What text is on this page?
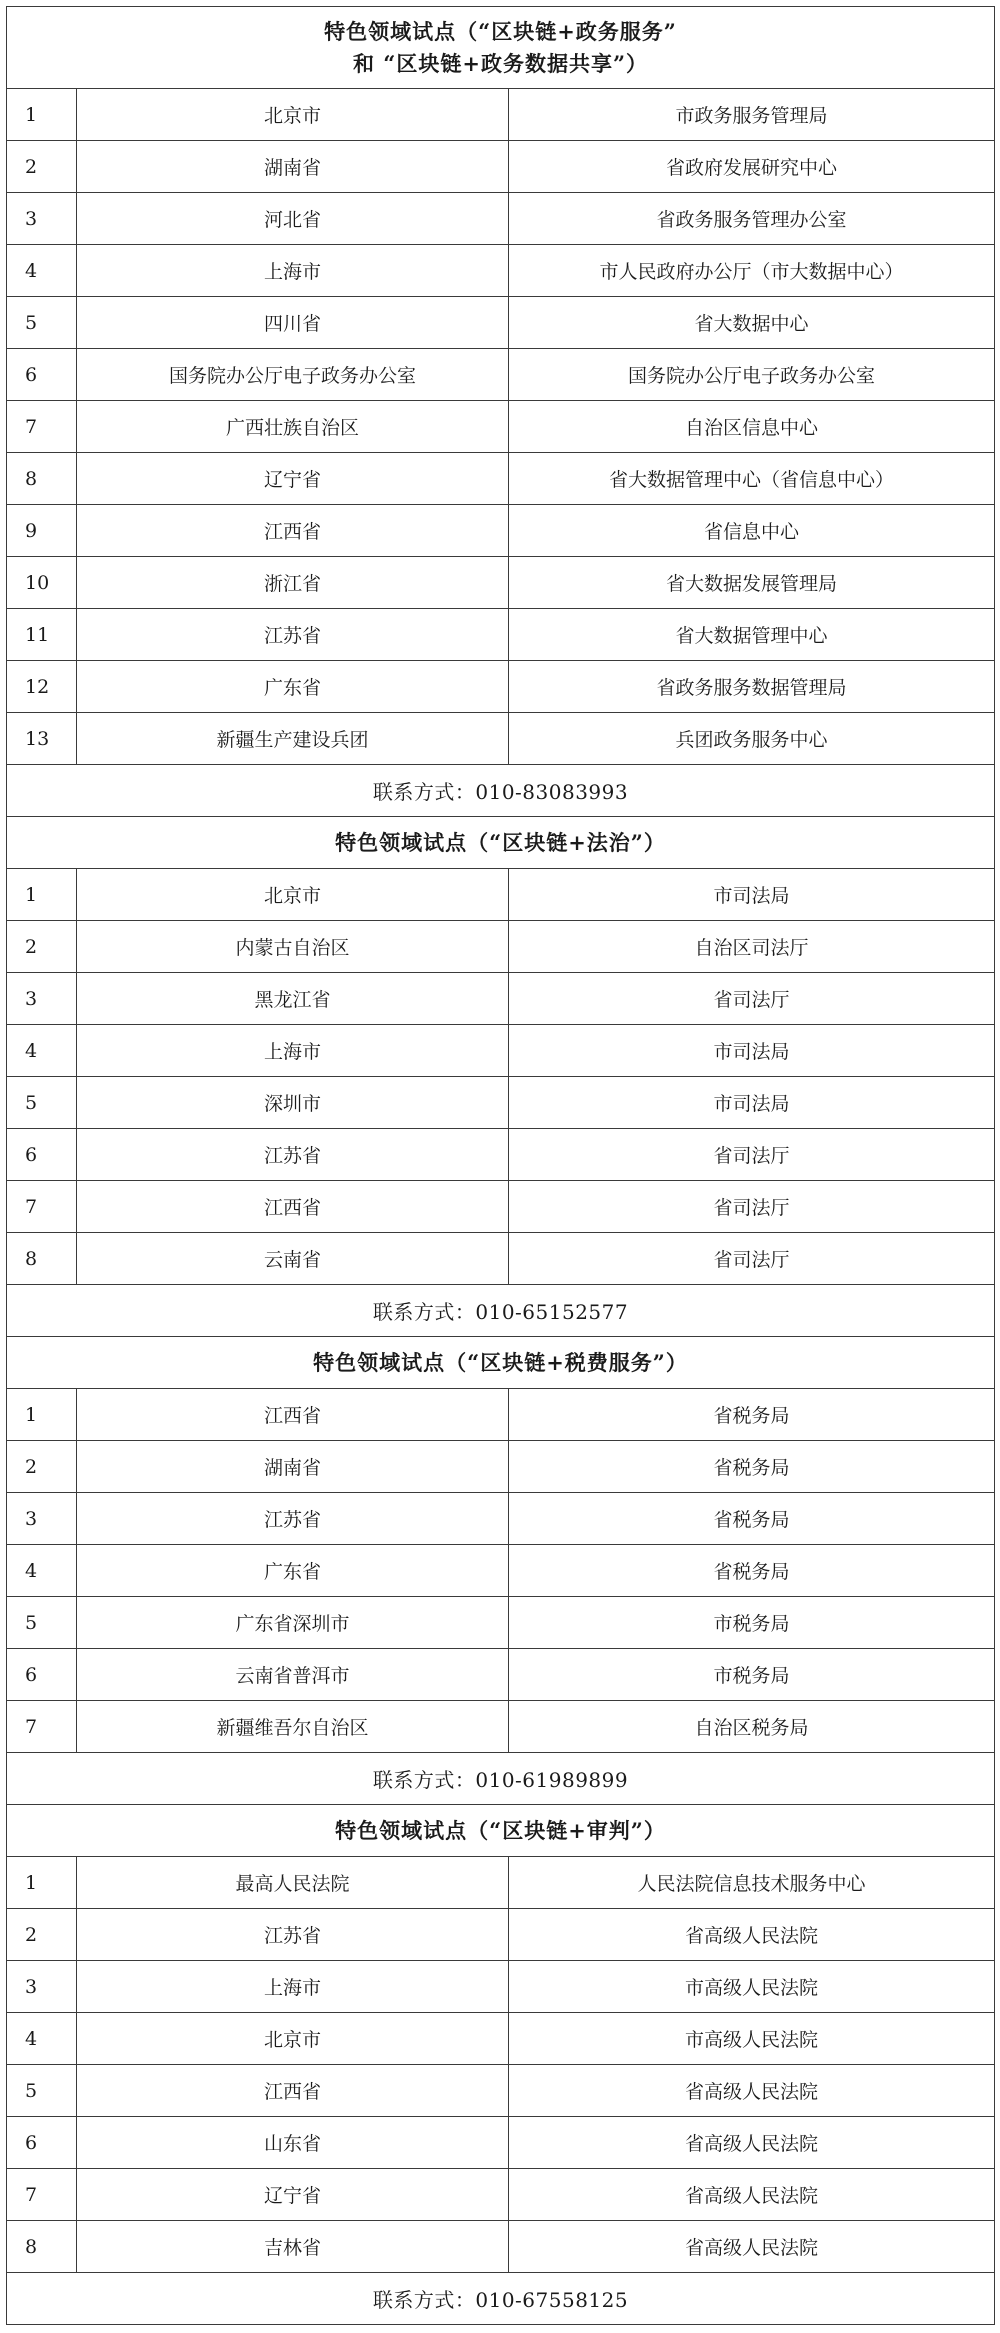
特色领域试点（“区块链+政务服务”
和 “区块链+政务数据共享”）		

1	北京市	市政务服务管理局
2	湖南省	省政府发展研究中心
3	河北省	省政务服务管理办公室
4	上海市	市人民政府办公厅（市大数据中心）
5	四川省	省大数据中心
6	国务院办公厅电子政务办公室	国务院办公厅电子政务办公室
7	广西壮族自治区	自治区信息中心
8	辽宁省	省大数据管理中心（省信息中心）
9	江西省	省信息中心
10	浙江省	省大数据发展管理局
11	江苏省	省大数据管理中心
12	广东省	省政务服务数据管理局
13	新疆生产建设兵团	兵团政务服务中心
联系方式：010-83083993		

特色领域试点（“区块链+法治”）		

1	北京市	市司法局
2	内蒙古自治区	自治区司法厅
3	黑龙江省	省司法厅
4	上海市	市司法局
5	深圳市	市司法局
6	江苏省	省司法厅
7	江西省	省司法厅
8	云南省	省司法厅
联系方式：010-65152577		

特色领域试点（“区块链+税费服务”）		

1	江西省	省税务局
2	湖南省	省税务局
3	江苏省	省税务局
4	广东省	省税务局
5	广东省深圳市	市税务局
6	云南省普洱市	市税务局
7	新疆维吾尔自治区	自治区税务局
联系方式：010-61989899		

特色领域试点（“区块链+审判”）		

1	最高人民法院	人民法院信息技术服务中心
2	江苏省	省高级人民法院
3	上海市	市高级人民法院
4	北京市	市高级人民法院
5	江西省	省高级人民法院
6	山东省	省高级人民法院
7	辽宁省	省高级人民法院
8	吉林省	省高级人民法院
联系方式：010-67558125		
